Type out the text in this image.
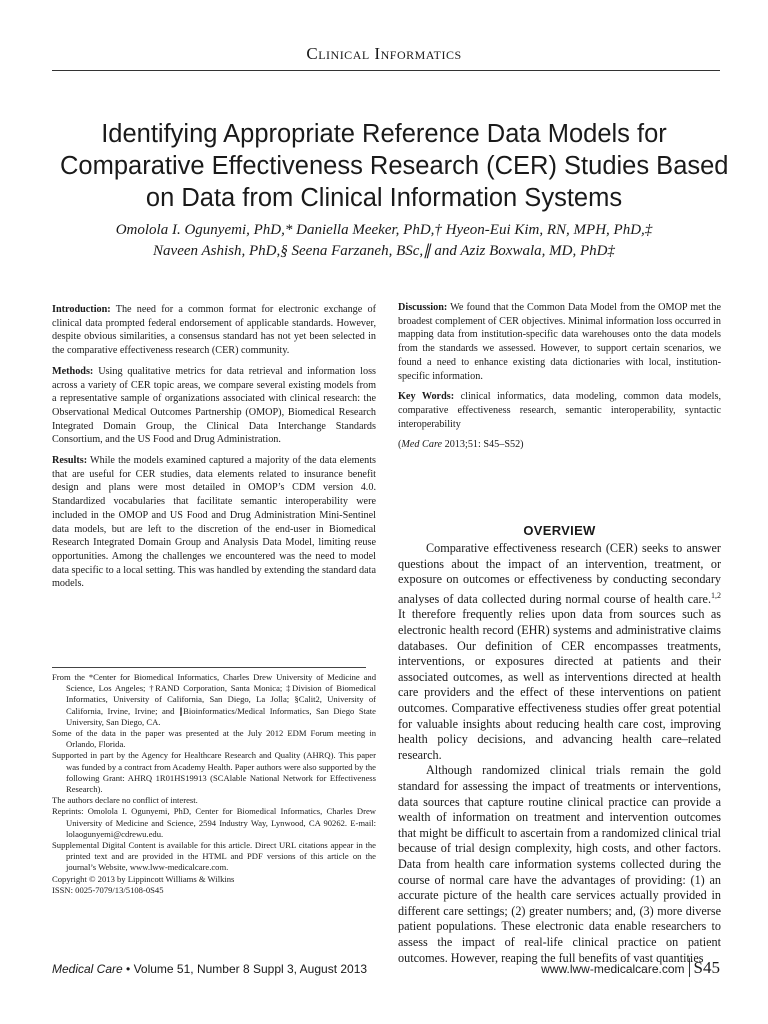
Clinical Informatics
Identifying Appropriate Reference Data Models for
Comparative Effectiveness Research (CER) Studies Based
on Data from Clinical Information Systems
Omolola I. Ogunyemi, PhD,* Daniella Meeker, PhD,† Hyeon-Eui Kim, RN, MPH, PhD,‡
Naveen Ashish, PhD,§ Seena Farzaneh, BSc,∥ and Aziz Boxwala, MD, PhD‡

Introduction: The need for a common format for electronic exchange of clinical data prompted federal endorsement of applicable standards. However, despite obvious similarities, a consensus standard has not yet been selected in the comparative effectiveness research (CER) community.

Methods: Using qualitative metrics for data retrieval and information loss across a variety of CER topic areas, we compare several existing models from a representative sample of organizations associated with clinical research: the Observational Medical Outcomes Partnership (OMOP), Biomedical Research Integrated Domain Group, the Clinical Data Interchange Standards Consortium, and the US Food and Drug Administration.

Results: While the models examined captured a majority of the data elements that are useful for CER studies, data elements related to insurance benefit design and plans were most detailed in OMOP’s CDM version 4.0. Standardized vocabularies that facilitate semantic interoperability were included in the OMOP and US Food and Drug Administration Mini-Sentinel data models, but are left to the discretion of the end-user in Biomedical Research Integrated Domain Group and Analysis Data Model, limiting reuse opportunities. Among the challenges we encountered was the need to model data specific to a local setting. This was handled by extending the standard data models.

Discussion: We found that the Common Data Model from the OMOP met the broadest complement of CER objectives. Minimal information loss occurred in mapping data from institution-specific data warehouses onto the data models from the standards we assessed. However, to support certain scenarios, we found a need to enhance existing data dictionaries with local, institution-specific information.

Key Words: clinical informatics, data modeling, common data models, comparative effectiveness research, semantic interoperability, syntactic interoperability

(Med Care 2013;51: S45–S52)

From the *Center for Biomedical Informatics, Charles Drew University of Medicine and Science, Los Angeles; †RAND Corporation, Santa Monica; ‡Division of Biomedical Informatics, University of California, San Diego, La Jolla; §Calit2, University of California, Irvine, Irvine; and ∥Bioinformatics/Medical Informatics, San Diego State University, San Diego, CA.

Some of the data in the paper was presented at the July 2012 EDM Forum meeting in Orlando, Florida.

Supported in part by the Agency for Healthcare Research and Quality (AHRQ). This paper was funded by a contract from Academy Health. Paper authors were also supported by the following Grant: AHRQ 1R01HS19913 (SCAlable National Network for Effectiveness Research).

The authors declare no conflict of interest.

Reprints: Omolola I. Ogunyemi, PhD, Center for Biomedical Informatics, Charles Drew University of Medicine and Science, 2594 Industry Way, Lynwood, CA 90262. E-mail: lolaogunyemi@cdrewu.edu.

Supplemental Digital Content is available for this article. Direct URL citations appear in the printed text and are provided in the HTML and PDF versions of this article on the journal’s Website, www.lww-medicalcare.com.

Copyright © 2013 by Lippincott Williams & Wilkins

ISSN: 0025-7079/13/5108-0S45

OVERVIEW

Comparative effectiveness research (CER) seeks to answer questions about the impact of an intervention, treatment, or exposure on outcomes or effectiveness by conducting secondary analyses of data collected during normal course of health care.$^{1,2}$ It therefore frequently relies upon data from sources such as electronic health record (EHR) systems and administrative claims databases. Our definition of CER encompasses treatments, interventions, or exposures directed at patients and their associated outcomes, as well as interventions directed at health care providers and the effect of these interventions on patient outcomes. Comparative effectiveness studies offer great potential for valuable insights about reducing health care cost, improving health policy decisions, and advancing health care–related research.

Although randomized clinical trials remain the gold standard for assessing the impact of treatments or interventions, data sources that capture routine clinical practice can provide a wealth of information on treatment and intervention outcomes that might be difficult to ascertain from a randomized clinical trial because of trial design complexity, high costs, and other factors. Data from health care information systems collected during the course of normal care have the advantages of providing: (1) an accurate picture of the health care services actually provided in different care settings; (2) greater numbers; and, (3) more diverse patient populations. These electronic data enable researchers to assess the impact of real-life clinical practice on patient outcomes. However, reaping the full benefits of vast quantities

Medical Care • Volume 51, Number 8 Suppl 3, August 2013	www.lww-medicalcare.com S45
